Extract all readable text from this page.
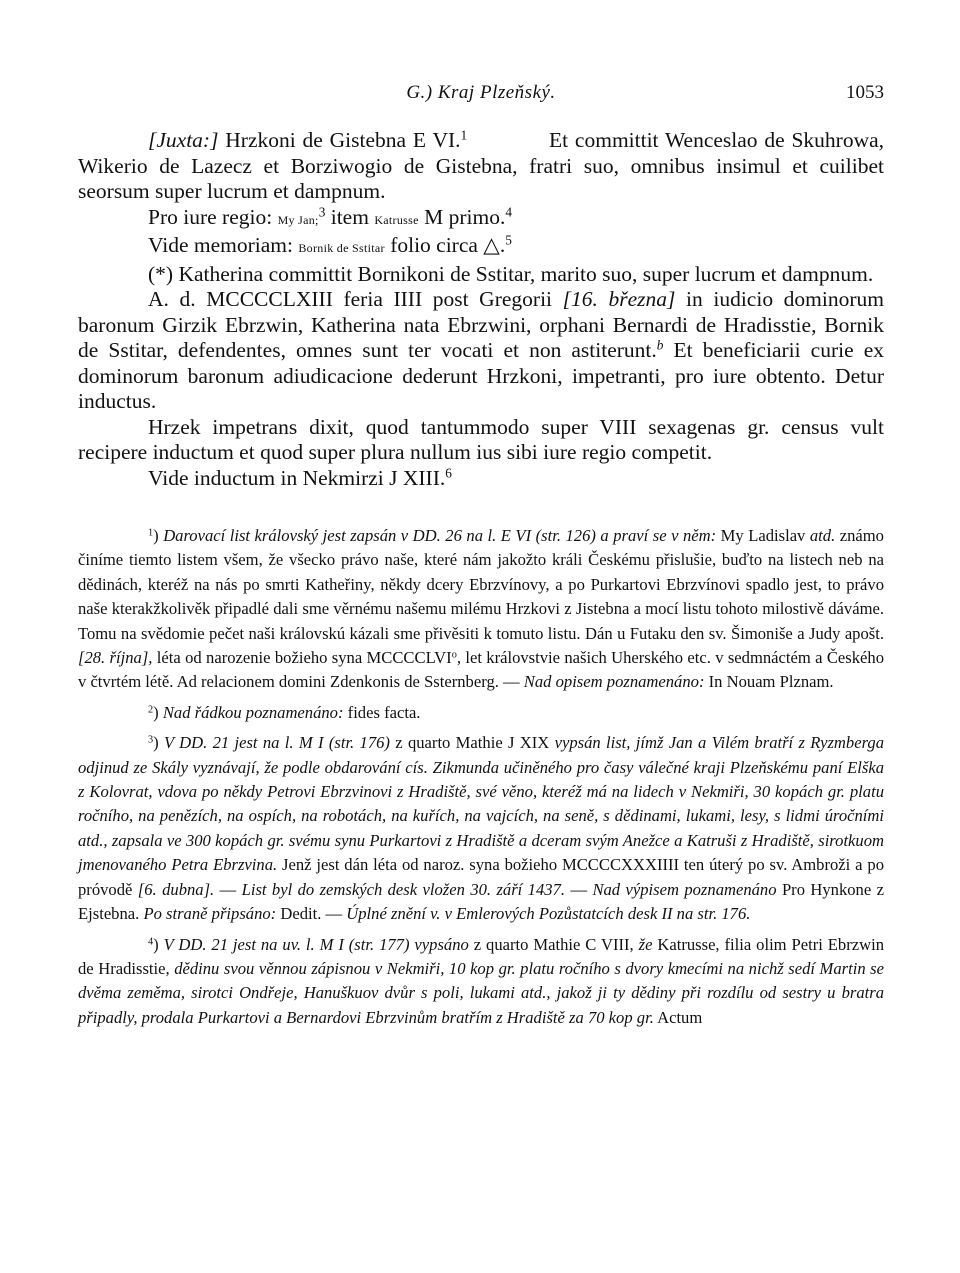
G.) Kraj Plzeňský.	1053

[Juxta:] Hrzkoni de Gistebna E VI.$^1$	Et committit Wenceslao de Skuhrowa, Wikerio de Lazecz et Borziwogio de Gistebna, fratri suo, omnibus insimul et cuilibet seorsum super lucrum et dampnum.

Pro iure regio: My Jan;$^3$ item Katrusse M primo.$^4$

Vide memoriam: Bornik de Sstitar folio circa △.$^5$

(*) Katherina committit Bornikoni de Sstitar, marito suo, super lucrum et dampnum.

A. d. MCCCCLXIII feria IIII post Gregorii [16. března] in iudicio dominorum baronum Girzik Ebrzwin, Katherina nata Ebrzwini, orphani Bernardi de Hradisstie, Bornik de Sstitar, defendentes, omnes sunt ter vocati et non astiterunt.$^b$ Et beneficiarii curie ex dominorum baronum adiudicacione dederunt Hrzkoni, impetranti, pro iure obtento. Detur inductus.

Hrzek impetrans dixit, quod tantummodo super VIII sexagenas gr. census vult recipere inductum et quod super plura nullum ius sibi iure regio competit.

Vide inductum in Nekmirzi J XIII.$^6$

$^1$) Darovací list královský jest zapsán v DD. 26 na l. E VI (str. 126) a praví se v něm: My Ladislav atd. známo činíme tiemto listem všem, že všecko právo naše, které nám jakožto králi Českému přislušie, buďto na listech neb na dědinách, kteréž na nás po smrti Kathеřiny, někdy dcery Ebrzvínovy, a po Purkartovi Ebrzvínovi spadlo jest, to právo naše kterakžkolivěk připadlé dali sme věrnému našemu milému Hrzkovi z Jistebna a mocí listu tohoto milostivě dáváme. Tomu na svědomie pečet naši královskú kázali sme přivěsiti k tomuto listu. Dán u Futaku den sv. Šimoniše a Judy apošt. [28. října], léta od narozenie božieho syna MCCCCLVI$^o$, let královstvie našich Uherského etc. v sedmnáctém a Českého v čtvrtém létě. Ad relacionem domini Zdenkonis de Ssternberg. — Nad opisem poznamenáno: In Nouam Plznam.

$^2$) Nad řádkou poznamenáno: fides facta.

$^3$) V DD. 21 jest na l. M I (str. 176) z quarto Mathie J XIX vypsán list, jímž Jan a Vilém bratří z Ryzmberga odjinud ze Skály vyznávají, že podle obdarování cís. Zikmunda učiněného pro časy válečné kraji Plzeňskému paní Elška z Kolovrat, vdova po někdy Petrovi Ebrzvinovi z Hradiště, své věno, kteréž má na lidech v Nekmiři, 30 kopách gr. platu ročního, na penězích, na ospích, na robotách, na kuřích, na vajcích, na seně, s dědinami, lukami, lesy, s lidmi úročními atd., zapsala ve 300 kopách gr. svému synu Purkartovi z Hradiště a dceram svým Anežce a Katruši z Hradiště, sirotkuom jmenovaného Petra Ebrzvina. Jenž jest dán léta od naroz. syna božieho MCCCCXXXIIII ten úterý po sv. Ambroži a po próvodě [6. dubna]. — List byl do zemských desk vložen 30. září 1437. — Nad výpisem poznamenáno Pro Hynkone z Ejstebna. Po straně připsáno: Dedit. — Úplné znění v. v Emlerových Pozůstatcích desk II na str. 176.

$^4$) V DD. 21 jest na uv. l. M I (str. 177) vypsáno z quarto Mathie C VIII, že Katrusse, filia olim Petri Ebrzwin de Hradisstie, dědinu svou věnnou zápisnou v Nekmiři, 10 kop gr. platu ročního s dvory kmecími na nichž sedí Martin se dvěma zeměma, sirotci Ondřeje, Hanuškuov dvůr s poli, lukami atd., jakož ji ty dědiny při rozdílu od sestry u bratra připadly, prodala Purkartovi a Bernardovi Ebrzvinům bratřím z Hradiště za 70 kop gr. Actum
